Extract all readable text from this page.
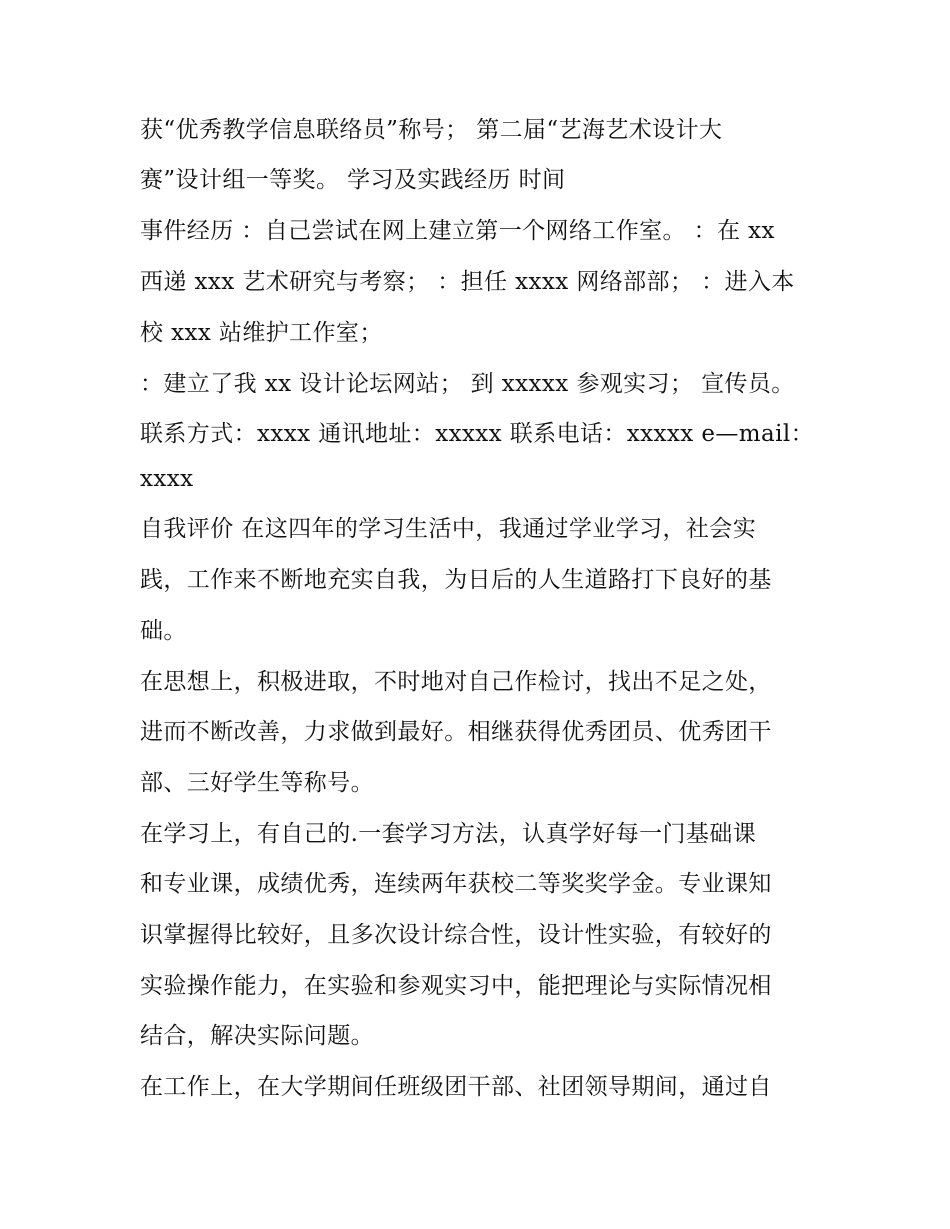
获“优秀教学信息联络员”称号； 第二届“艺海艺术设计大
赛”设计组一等奖。 学习及实践经历 时间
事件经历 ：自己尝试在网上建立第一个网络工作室。 ：在 xx
西递 xxx 艺术研究与考察； ：担任 xxxx 网络部部； ：进入本
校 xxx 站维护工作室；
：建立了我 xx 设计论坛网站； 到 xxxxx 参观实习； 宣传员。
联系方式：xxxx 通讯地址：xxxxx 联系电话：xxxxx e—mail：
xxxx
自我评价 在这四年的学习生活中，我通过学业学习，社会实
践，工作来不断地充实自我，为日后的人生道路打下良好的基
础。
在思想上，积极进取，不时地对自己作检讨，找出不足之处，
进而不断改善，力求做到最好。相继获得优秀团员、优秀团干
部、三好学生等称号。
在学习上，有自己的.一套学习方法，认真学好每一门基础课
和专业课，成绩优秀，连续两年获校二等奖奖学金。专业课知
识掌握得比较好，且多次设计综合性，设计性实验，有较好的
实验操作能力，在实验和参观实习中，能把理论与实际情况相
结合，解决实际问题。
在工作上，在大学期间任班级团干部、社团领导期间，通过自
